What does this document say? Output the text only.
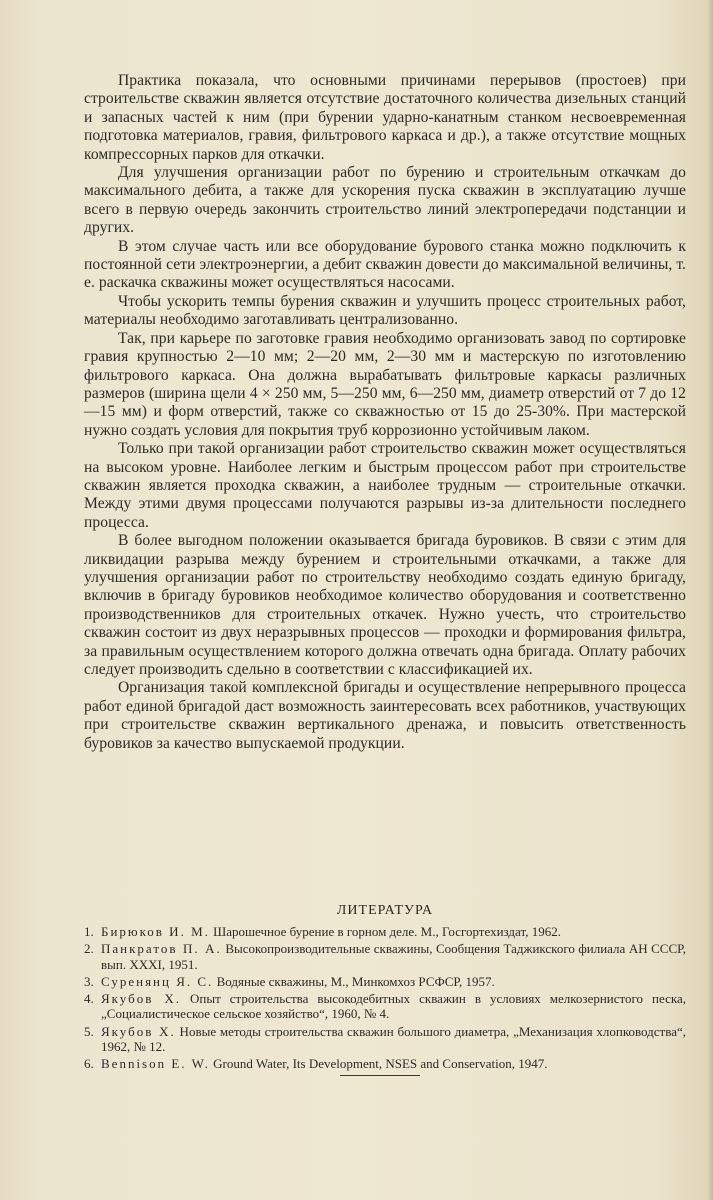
Практика показала, что основными причинами перерывов (простоев) при строительстве скважин является отсутствие достаточного количества дизельных станций и запасных частей к ним (при бурении ударно-канатным станком несвоевременная подготовка материалов, гравия, фильтрового каркаса и др.), а также отсутствие мощных компрессорных парков для откачки.

Для улучшения организации работ по бурению и строительным откачкам до максимального дебита, а также для ускорения пуска скважин в эксплуатацию лучше всего в первую очередь закончить строительство линий электропередачи подстанции и других.

В этом случае часть или все оборудование бурового станка можно подключить к постоянной сети электроэнергии, а дебит скважин довести до максимальной величины, т. е. раскачка скважины может осуществляться насосами.

Чтобы ускорить темпы бурения скважин и улучшить процесс строительных работ, материалы необходимо заготавливать централизованно.

Так, при карьере по заготовке гравия необходимо организовать завод по сортировке гравия крупностью 2—10 мм; 2—20 мм, 2—30 мм и мастерскую по изготовлению фильтрового каркаса. Она должна вырабатывать фильтровые каркасы различных размеров (ширина щели 4 × 250 мм, 5—250 мм, 6—250 мм, диаметр отверстий от 7 до 12—15 мм) и форм отверстий, также со скважностью от 15 до 25-30%. При мастерской нужно создать условия для покрытия труб коррозионно устойчивым лаком.

Только при такой организации работ строительство скважин может осуществляться на высоком уровне. Наиболее легким и быстрым процессом работ при строительстве скважин является проходка скважин, а наиболее трудным — строительные откачки. Между этими двумя процессами получаются разрывы из-за длительности последнего процесса.

В более выгодном положении оказывается бригада буровиков. В связи с этим для ликвидации разрыва между бурением и строительными откачками, а также для улучшения организации работ по строительству необходимо создать единую бригаду, включив в бригаду буровиков необходимое количество оборудования и соответственно производственников для строительных откачек. Нужно учесть, что строительство скважин состоит из двух неразрывных процессов — проходки и формирования фильтра, за правильным осуществлением которого должна отвечать одна бригада. Оплату рабочих следует производить сдельно в соответствии с классификацией их.

Организация такой комплексной бригады и осуществление непрерывного процесса работ единой бригадой даст возможность заинтересовать всех работников, участвующих при строительстве скважин вертикального дренажа, и повысить ответственность буровиков за качество выпускаемой продукции.

ЛИТЕРАТУРА
1. Бирюков И. М. Шарошечное бурение в горном деле. М., Госгортехиздат, 1962.
2. Панкратов П. А. Высокопроизводительные скважины, Сообщения Таджикского филиала АН СССР, вып. XXXI, 1951.
3. Суренянц Я. С. Водяные скважины, М., Минкомхоз РСФСР, 1957.
4. Якубов Х. Опыт строительства высокодебитных скважин в условиях мелкозернистого песка, „Социалистическое сельское хозяйство“, 1960, № 4.
5. Якубов Х. Новые методы строительства скважин большого диаметра, „Механизация хлопководства“, 1962, № 12.
6. Bennison E. W. Ground Water, Its Development, NSES and Conservation, 1947.
